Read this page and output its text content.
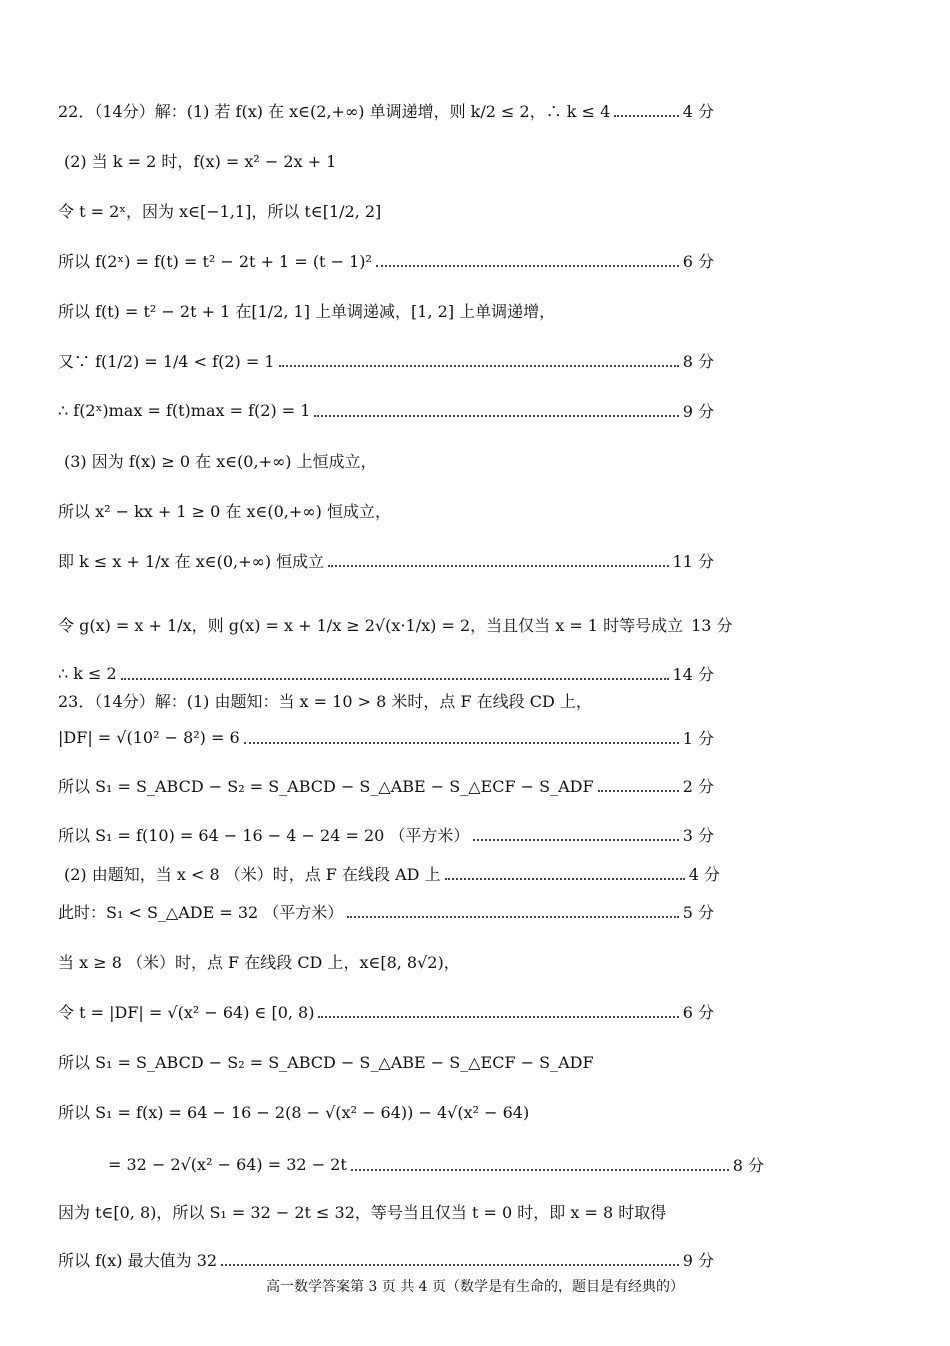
22．（14分）解：(1) 若 f(x) 在 x∈(2,+∞) 单调递增，则 k/2 ≤ 2，∴ k ≤ 4	4 分
(2) 当 k = 2 时，f(x) = x² − 2x + 1
令 t = 2ˣ，因为 x∈[−1,1]，所以 t∈[1/2, 2]
所以 f(2ˣ) = f(t) = t² − 2t + 1 = (t − 1)²	6 分
所以 f(t) = t² − 2t + 1 在[1/2, 1] 上单调递减，[1, 2] 上单调递增，
又∵ f(1/2) = 1/4 < f(2) = 1	8 分
∴ f(2ˣ)max = f(t)max = f(2) = 1	9 分
(3) 因为 f(x) ≥ 0 在 x∈(0,+∞) 上恒成立，
所以 x² − kx + 1 ≥ 0 在 x∈(0,+∞) 恒成立，
即 k ≤ x + 1/x 在 x∈(0,+∞) 恒成立	11 分
令 g(x) = x + 1/x，则 g(x) = x + 1/x ≥ 2√(x·1/x) = 2，当且仅当 x = 1 时等号成立 13 分
∴ k ≤ 2	14 分
23．（14分）解：(1) 由题知：当 x = 10 > 8 米时，点 F 在线段 CD 上，
|DF| = √(10² − 8²) = 6	1 分
所以 S₁ = S_ABCD − S₂ = S_ABCD − S_△ABE − S_△ECF − S_ADF	2 分
所以 S₁ = f(10) = 64 − 16 − 4 − 24 = 20 （平方米）	3 分
(2) 由题知，当 x < 8 （米）时，点 F 在线段 AD 上	4 分
此时：S₁ < S_△ADE = 32 （平方米）	5 分
当 x ≥ 8 （米）时，点 F 在线段 CD 上，x∈[8, 8√2)，
令 t = |DF| = √(x² − 64) ∈ [0, 8)	6 分
所以 S₁ = S_ABCD − S₂ = S_ABCD − S_△ABE − S_△ECF − S_ADF
所以 S₁ = f(x) = 64 − 16 − 2(8 − √(x² − 64)) − 4√(x² − 64)
= 32 − 2√(x² − 64) = 32 − 2t	8 分
因为 t∈[0, 8)，所以 S₁ = 32 − 2t ≤ 32，等号当且仅当 t = 0 时，即 x = 8 时取得
所以 f(x) 最大值为 32	9 分
高一数学答案第 3 页 共 4 页（数学是有生命的，题目是有经典的）
